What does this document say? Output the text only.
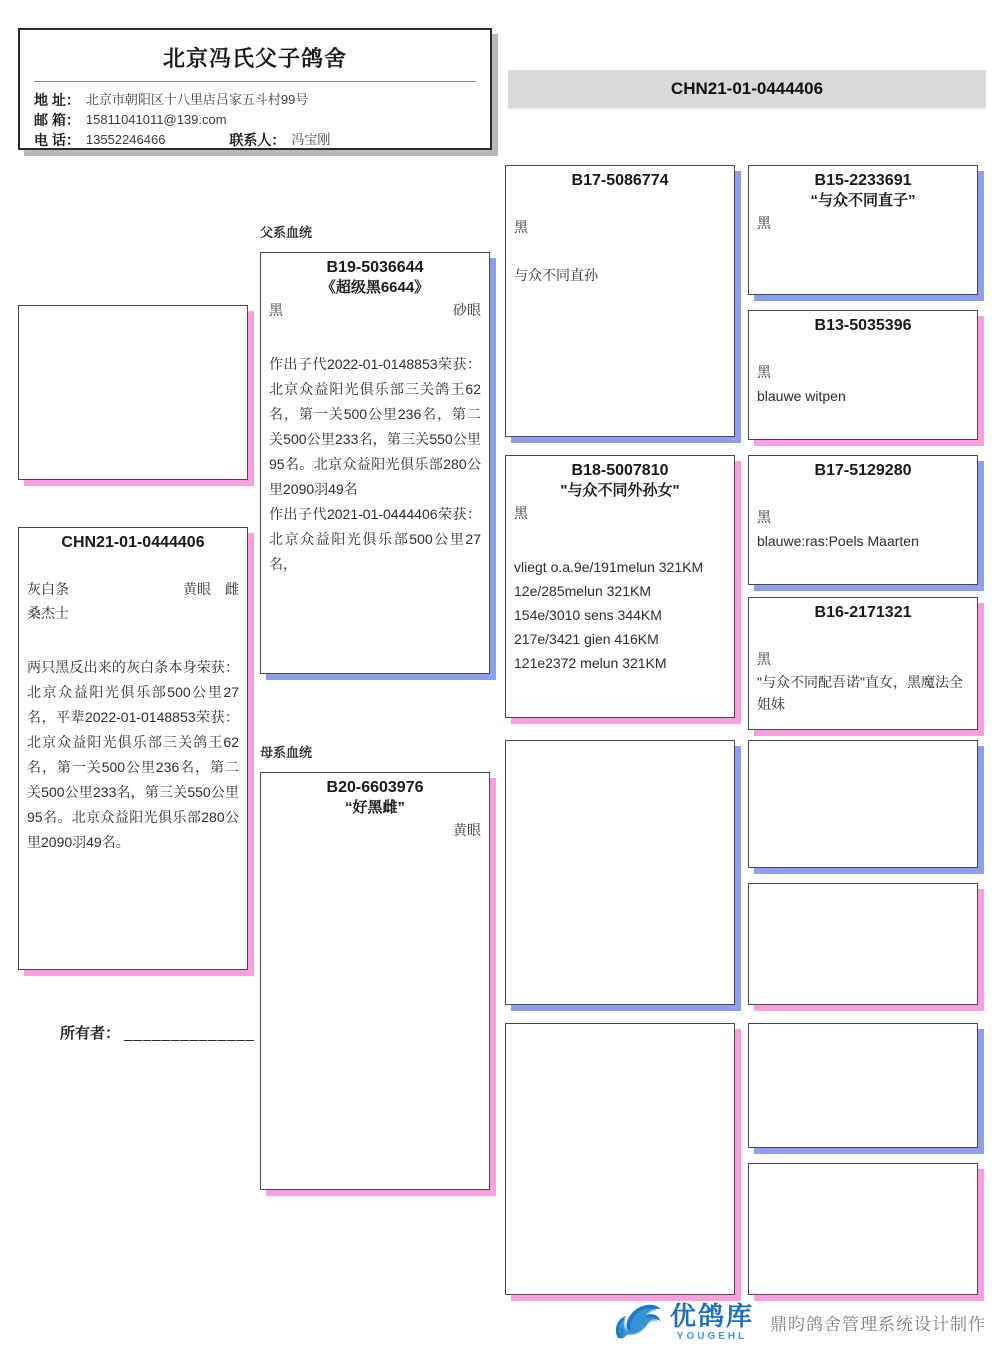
北京冯氏父子鸽舍
地 址： 北京市朝阳区十八里店吕家五斗村99号
邮 箱： 15811041011@139.com
电 话： 13552246466	联系人： 冯宝刚
CHN21-01-0444406
CHN21-01-0444406
灰白条	黄眼 雌
桑杰士
两只黑反出来的灰白条本身荣获：北京众益阳光俱乐部500公里27名，平辈2022-01-0148853荣获：北京众益阳光俱乐部三关鸽王62名，第一关500公里236名，第二关500公里233名，第三关550公里95名。北京众益阳光俱乐部280公里2090羽49名。
所有者： ______________
父系血统
B19-5036644
《超级黑6644》
黑	砂眼
作出子代2022-01-0148853荣获：北京众益阳光俱乐部三关鸽王62名，第一关500公里236名，第二关500公里233名，第三关550公里95名。北京众益阳光俱乐部280公里2090羽49名
作出子代2021-01-0444406荣获：北京众益阳光俱乐部500公里27名，
母系血统
B20-6603976
“好黑雌”
黄眼
B17-5086774
黑
与众不同直孙
B18-5007810
"与众不同外孙女"
黑
vliegt o.a.9e/191melun 321KM
12e/285melun 321KM
154e/3010 sens 344KM
217e/3421 gien 416KM
121e2372 melun 321KM
B15-2233691
“与众不同直子”
黑
B13-5035396
黑
blauwe witpen
B17-5129280
黑
blauwe:ras:Poels Maarten
B16-2171321
黑
"与众不同配吾诺"直女，黑魔法全姐妹
优鸽库
YOUGEHL
鼎昀鸽舍管理系统设计制作
